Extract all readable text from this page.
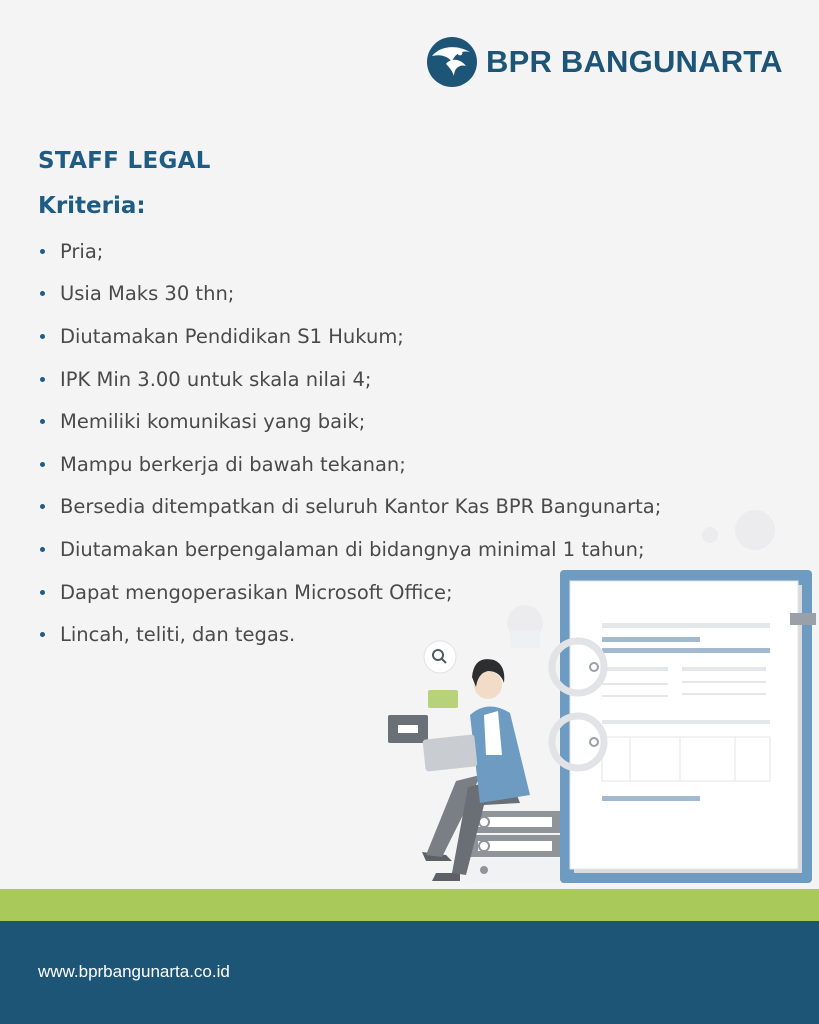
BPR BANGUNARTA
STAFF LEGAL
Kriteria:
Pria;
Usia Maks 30 thn;
Diutamakan Pendidikan S1 Hukum;
IPK Min 3.00 untuk skala nilai 4;
Memiliki komunikasi yang baik;
Mampu berkerja di bawah tekanan;
Bersedia ditempatkan di seluruh Kantor Kas BPR Bangunarta;
Diutamakan berpengalaman di bidangnya minimal 1 tahun;
Dapat mengoperasikan Microsoft Office;
Lincah, teliti, dan tegas.
www.bprbangunarta.co.id
